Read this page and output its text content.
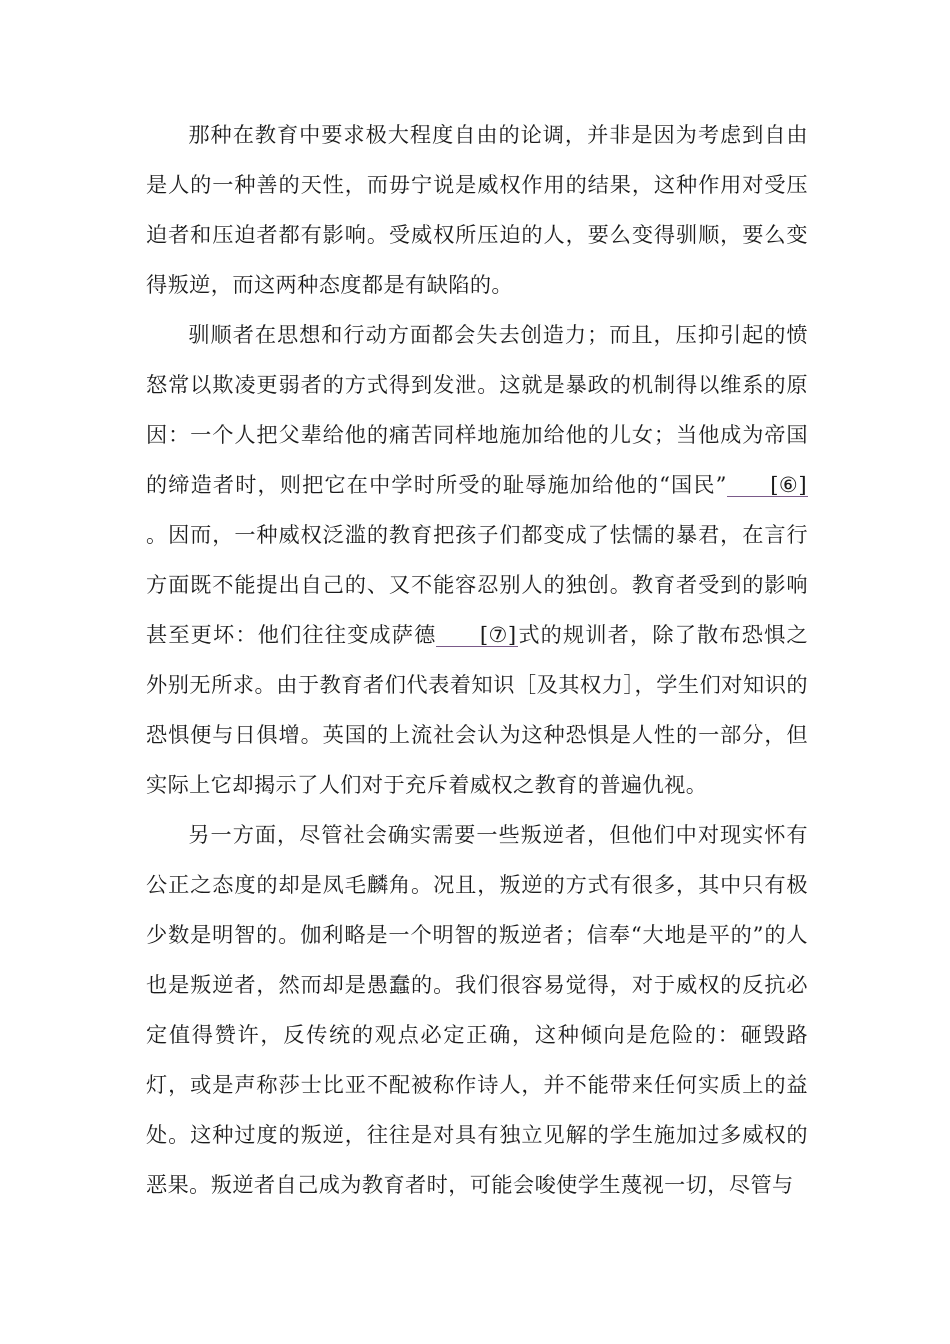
那种在教育中要求极大程度自由的论调，并非是因为考虑到自由是人的一种善的天性，而毋宁说是威权作用的结果，这种作用对受压迫者和压迫者都有影响。受威权所压迫的人，要么变得驯顺，要么变得叛逆，而这两种态度都是有缺陷的。

驯顺者在思想和行动方面都会失去创造力；而且，压抑引起的愤怒常以欺凌更弱者的方式得到发泄。这就是暴政的机制得以维系的原因：一个人把父辈给他的痛苦同样地施加给他的儿女；当他成为帝国的缔造者时，则把它在中学时所受的耻辱施加给他的“国民” [⑥]。因而，一种威权泛滥的教育把孩子们都变成了怯懦的暴君，在言行方面既不能提出自己的、又不能容忍别人的独创。教育者受到的影响甚至更坏：他们往往变成萨德 [⑦]式的规训者，除了散布恐惧之外别无所求。由于教育者们代表着知识［及其权力］，学生们对知识的恐惧便与日俱增。英国的上流社会认为这种恐惧是人性的一部分，但实际上它却揭示了人们对于充斥着威权之教育的普遍仇视。

另一方面，尽管社会确实需要一些叛逆者，但他们中对现实怀有公正之态度的却是凤毛麟角。况且，叛逆的方式有很多，其中只有极少数是明智的。伽利略是一个明智的叛逆者；信奉“大地是平的”的人也是叛逆者，然而却是愚蠢的。我们很容易觉得，对于威权的反抗必定值得赞许，反传统的观点必定正确，这种倾向是危险的：砸毁路灯，或是声称莎士比亚不配被称作诗人，并不能带来任何实质上的益处。这种过度的叛逆，往往是对具有独立见解的学生施加过多威权的恶果。叛逆者自己成为教育者时，可能会唆使学生蔑视一切，尽管与
